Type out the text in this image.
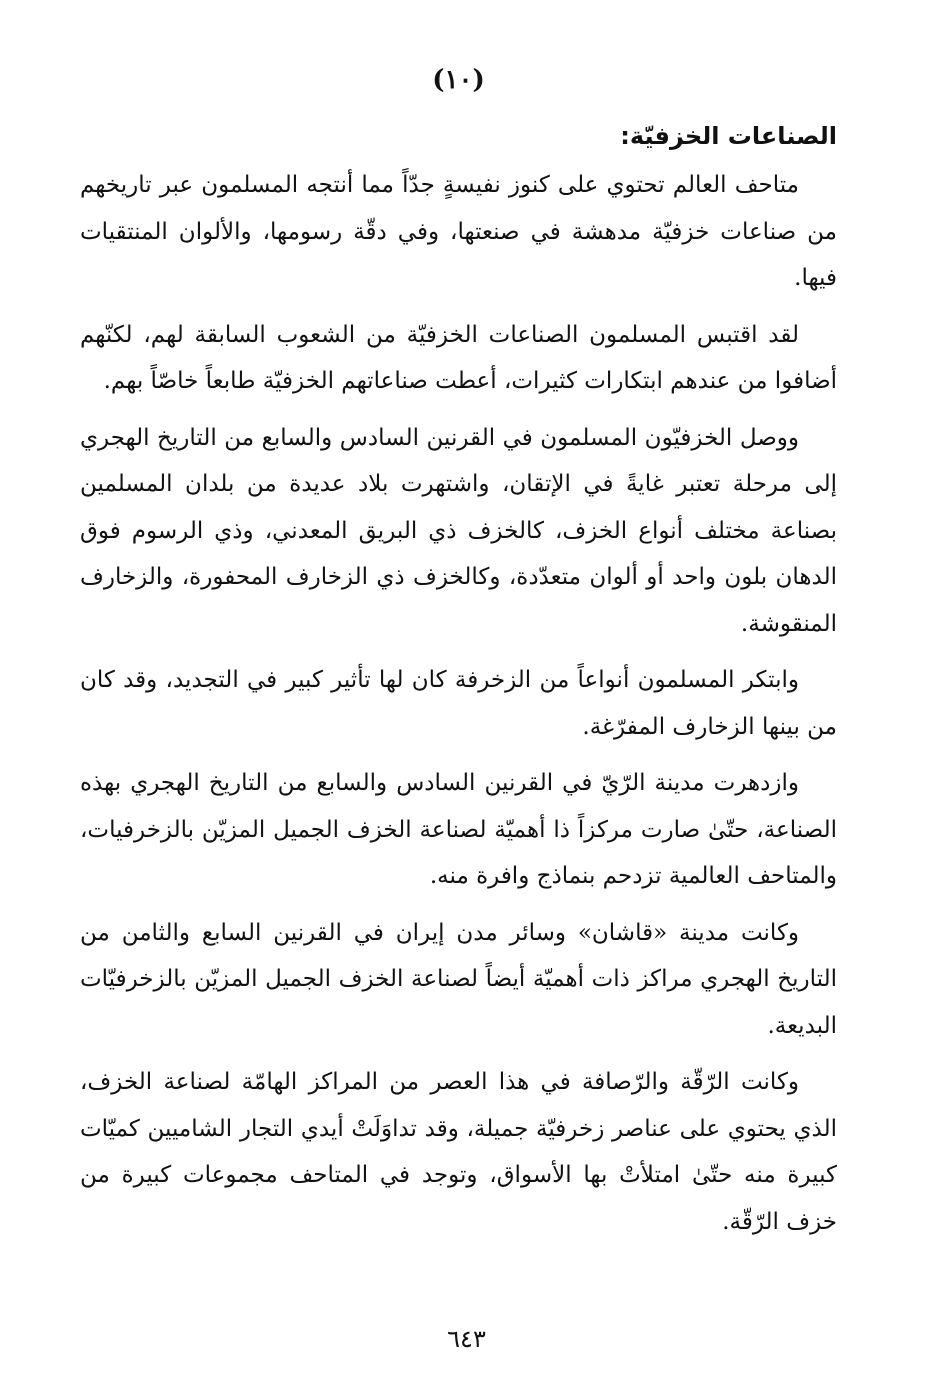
(١٠)
الصناعات الخزفيّة:

متاحف العالم تحتوي على كنوز نفيسةٍ جدّاً مما أنتجه المسلمون عبر تاريخهم من صناعات خزفيّة مدهشة في صنعتها، وفي دقّة رسومها، والألوان المنتقيات فيها.

لقد اقتبس المسلمون الصناعات الخزفيّة من الشعوب السابقة لهم، لكنّهم أضافوا من عندهم ابتكارات كثيرات، أعطت صناعاتهم الخزفيّة طابعاً خاصّاً بهم.

ووصل الخزفيّون المسلمون في القرنين السادس والسابع من التاريخ الهجري إلى مرحلة تعتبر غايةً في الإتقان، واشتهرت بلاد عديدة من بلدان المسلمين بصناعة مختلف أنواع الخزف، كالخزف ذي البريق المعدني، وذي الرسوم فوق الدهان بلون واحد أو ألوان متعدّدة، وكالخزف ذي الزخارف المحفورة، والزخارف المنقوشة.

وابتكر المسلمون أنواعاً من الزخرفة كان لها تأثير كبير في التجديد، وقد كان من بينها الزخارف المفرّغة.

وازدهرت مدينة الرّيّ في القرنين السادس والسابع من التاريخ الهجري بهذه الصناعة، حتّىٰ صارت مركزاً ذا أهميّة لصناعة الخزف الجميل المزيّن بالزخرفيات، والمتاحف العالمية تزدحم بنماذج وافرة منه.

وكانت مدينة «قاشان» وسائر مدن إيران في القرنين السابع والثامن من التاريخ الهجري مراكز ذات أهميّة أيضاً لصناعة الخزف الجميل المزيّن بالزخرفيّات البديعة.

وكانت الرّقّة والرّصافة في هذا العصر من المراكز الهامّة لصناعة الخزف، الذي يحتوي على عناصر زخرفيّة جميلة، وقد تداوَلَتْ أيدي التجار الشاميين كميّات كبيرة منه حتّىٰ امتلأتْ بها الأسواق، وتوجد في المتاحف مجموعات كبيرة من خزف الرّقّة.

٦٤٣
